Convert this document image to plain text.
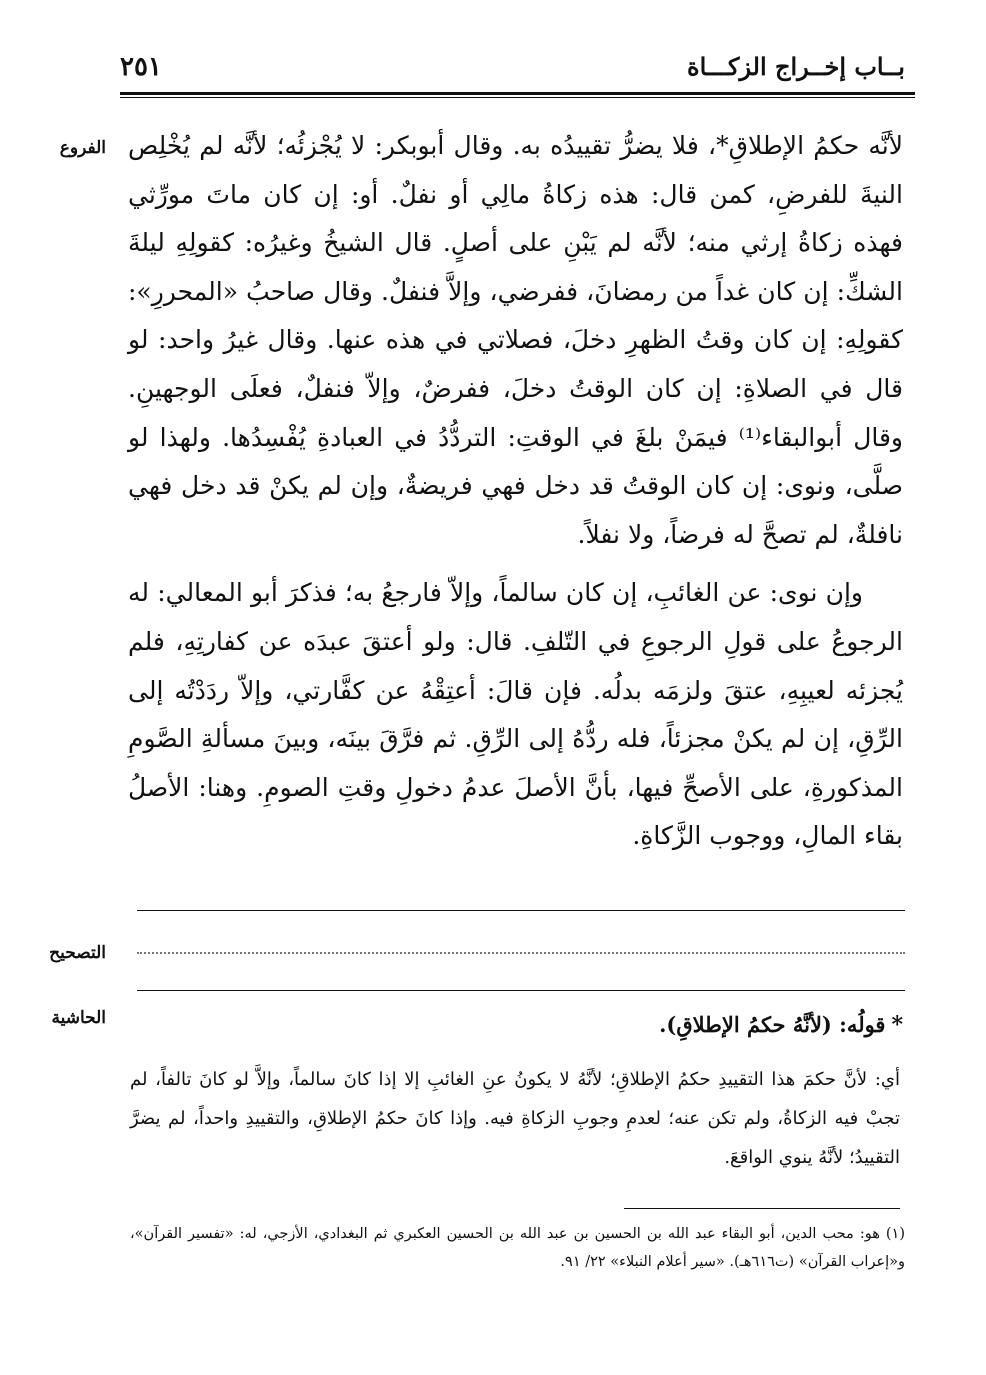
بــاب إخــراج الزكـــاة
٢٥١
الفروع لأنَّه حكمُ الإطلاقِ*، فلا يضرُّ تقييدُه به. وقال أبوبكر: لا يُجْزئُه؛ لأنَّه لم يُخْلِص النيةَ للفرضِ، كمن قال: هذه زكاةُ مالِي أو نفلٌ. أو: إن كان ماتَ مورِّثي فهذه زكاةُ إرثي منه؛ لأنَّه لم يَبْنِ على أصلٍ. قال الشيخُ وغيرُه: كقولِهِ ليلةَ الشكِّ: إن كان غداً من رمضانَ، ففرضي، وإلاَّ فنفلٌ. وقال صاحبُ «المحررِ»: كقولِهِ: إن كان وقتُ الظهرِ دخلَ، فصلاتي في هذه عنها. وقال غيرُ واحد: لو قال في الصلاةِ: إن كان الوقتُ دخلَ، ففرضٌ، وإلاّ فنفلٌ، فعلَى الوجهينِ. وقال أبوالبقاء⁽¹⁾ فيمَنْ بلغَ في الوقتِ: التردُّدُ في العبادةِ يُفْسِدُها. ولهذا لو صلَّى، ونوى: إن كان الوقتُ قد دخل فهي فريضةٌ، وإن لم يكنْ قد دخل فهي نافلةٌ، لم تصحَّ له فرضاً، ولا نفلاً.

وإن نوى: عن الغائبِ، إن كان سالماً، وإلاّ فارجعُ به؛ فذكرَ أبو المعالي: له الرجوعُ على قولِ الرجوعِ في التّلفِ. قال: ولو أعتقَ عبدَه عن كفارتِهِ، فلم يُجزئه لعيبِهِ، عتقَ ولزمَه بدلُه. فإن قالَ: أعتِقْهُ عن كفَّارتي، وإلاّ ردَدْتُه إلى الرِّقِ، إن لم يكنْ مجزئاً، فله ردُّهُ إلى الرِّقِ. ثم فرَّقَ بينَه، وبينَ مسألةِ الصَّومِ المذكورةِ، على الأصحِّ فيها، بأنَّ الأصلَ عدمُ دخولِ وقتِ الصومِ. وهنا: الأصلُ بقاء المالِ، ووجوب الزَّكاةِ.

التصحيح
الحاشية	*قولُه: (لأنَّهُ حكمُ الإطلاقِ).

أي: لأنَّ حكمَ هذا التقييدِ حكمُ الإطلاقِ؛ لأنَّهُ لا يكونُ عنِ الغائبِ إلا إذا كانَ سالماً، وإلاَّ لو كانَ تالفاً، لم تجبْ فيه الزكاةُ، ولم تكن عنه؛ لعدمِ وجوبِ الزكاةِ فيه. وإذا كانَ حكمُ الإطلاقِ، والتقييدِ واحداً، لم يضرَّ التقييدُ؛ لأنَّهُ ينوي الواقعَ.

(١) هو: محب الدين، أبو البقاء عبد الله بن الحسين بن عبد الله بن الحسين العكبري ثم البغدادي، الأزجي، له: «تفسير القرآن»، و«إعراب القرآن» (ت٦١٦هـ). «سير أعلام النبلاء» ٢٢/ ٩١.
